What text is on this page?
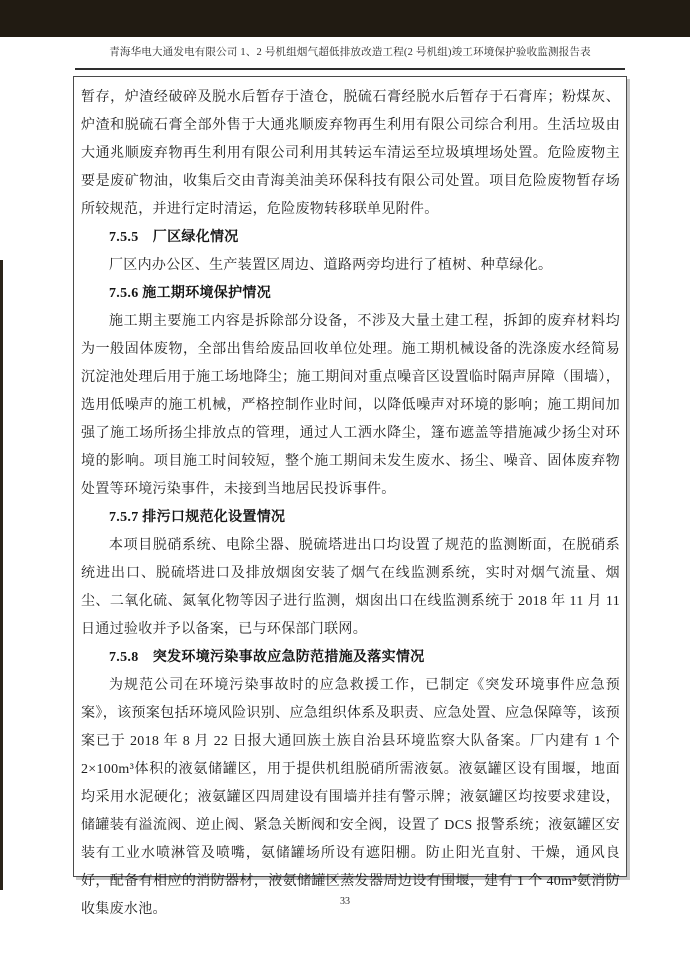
青海华电大通发电有限公司 1、2 号机组烟气超低排放改造工程(2 号机组)竣工环境保护验收监测报告表

暂存，炉渣经破碎及脱水后暂存于渣仓，脱硫石膏经脱水后暂存于石膏库；粉煤灰、炉渣和脱硫石膏全部外售于大通兆顺废弃物再生利用有限公司综合利用。生活垃圾由大通兆顺废弃物再生利用有限公司利用其转运车清运至垃圾填埋场处置。危险废物主要是废矿物油，收集后交由青海美油美环保科技有限公司处置。项目危险废物暂存场所较规范，并进行定时清运，危险废物转移联单见附件。

7.5.5　厂区绿化情况

厂区内办公区、生产装置区周边、道路两旁均进行了植树、种草绿化。

7.5.6 施工期环境保护情况

施工期主要施工内容是拆除部分设备，不涉及大量土建工程，拆卸的废弃材料均为一般固体废物，全部出售给废品回收单位处理。施工期机械设备的洗涤废水经简易沉淀池处理后用于施工场地降尘；施工期间对重点噪音区设置临时隔声屏障（围墙），选用低噪声的施工机械，严格控制作业时间，以降低噪声对环境的影响；施工期间加强了施工场所扬尘排放点的管理，通过人工洒水降尘，篷布遮盖等措施减少扬尘对环境的影响。项目施工时间较短，整个施工期间未发生废水、扬尘、噪音、固体废弃物处置等环境污染事件，未接到当地居民投诉事件。

7.5.7 排污口规范化设置情况

本项目脱硝系统、电除尘器、脱硫塔进出口均设置了规范的监测断面，在脱硝系统进出口、脱硫塔进口及排放烟囱安装了烟气在线监测系统，实时对烟气流量、烟尘、二氧化硫、氮氧化物等因子进行监测，烟囱出口在线监测系统于 2018 年 11 月 11 日通过验收并予以备案，已与环保部门联网。

7.5.8　突发环境污染事故应急防范措施及落实情况

为规范公司在环境污染事故时的应急救援工作，已制定《突发环境事件应急预案》，该预案包括环境风险识别、应急组织体系及职责、应急处置、应急保障等，该预案已于 2018 年 8 月 22 日报大通回族土族自治县环境监察大队备案。厂内建有 1 个 2×100m³体积的液氨储罐区，用于提供机组脱硝所需液氨。液氨罐区设有围堰，地面均采用水泥硬化；液氨罐区四周建设有围墙并挂有警示牌；液氨罐区均按要求建设，储罐装有溢流阀、逆止阀、紧急关断阀和安全阀，设置了 DCS 报警系统；液氨罐区安装有工业水喷淋管及喷嘴，氨储罐场所设有遮阳棚。防止阳光直射、干燥，通风良好，配备有相应的消防器材，液氨储罐区蒸发器周边设有围堰，建有 1 个 40m³氨消防收集废水池。

33
